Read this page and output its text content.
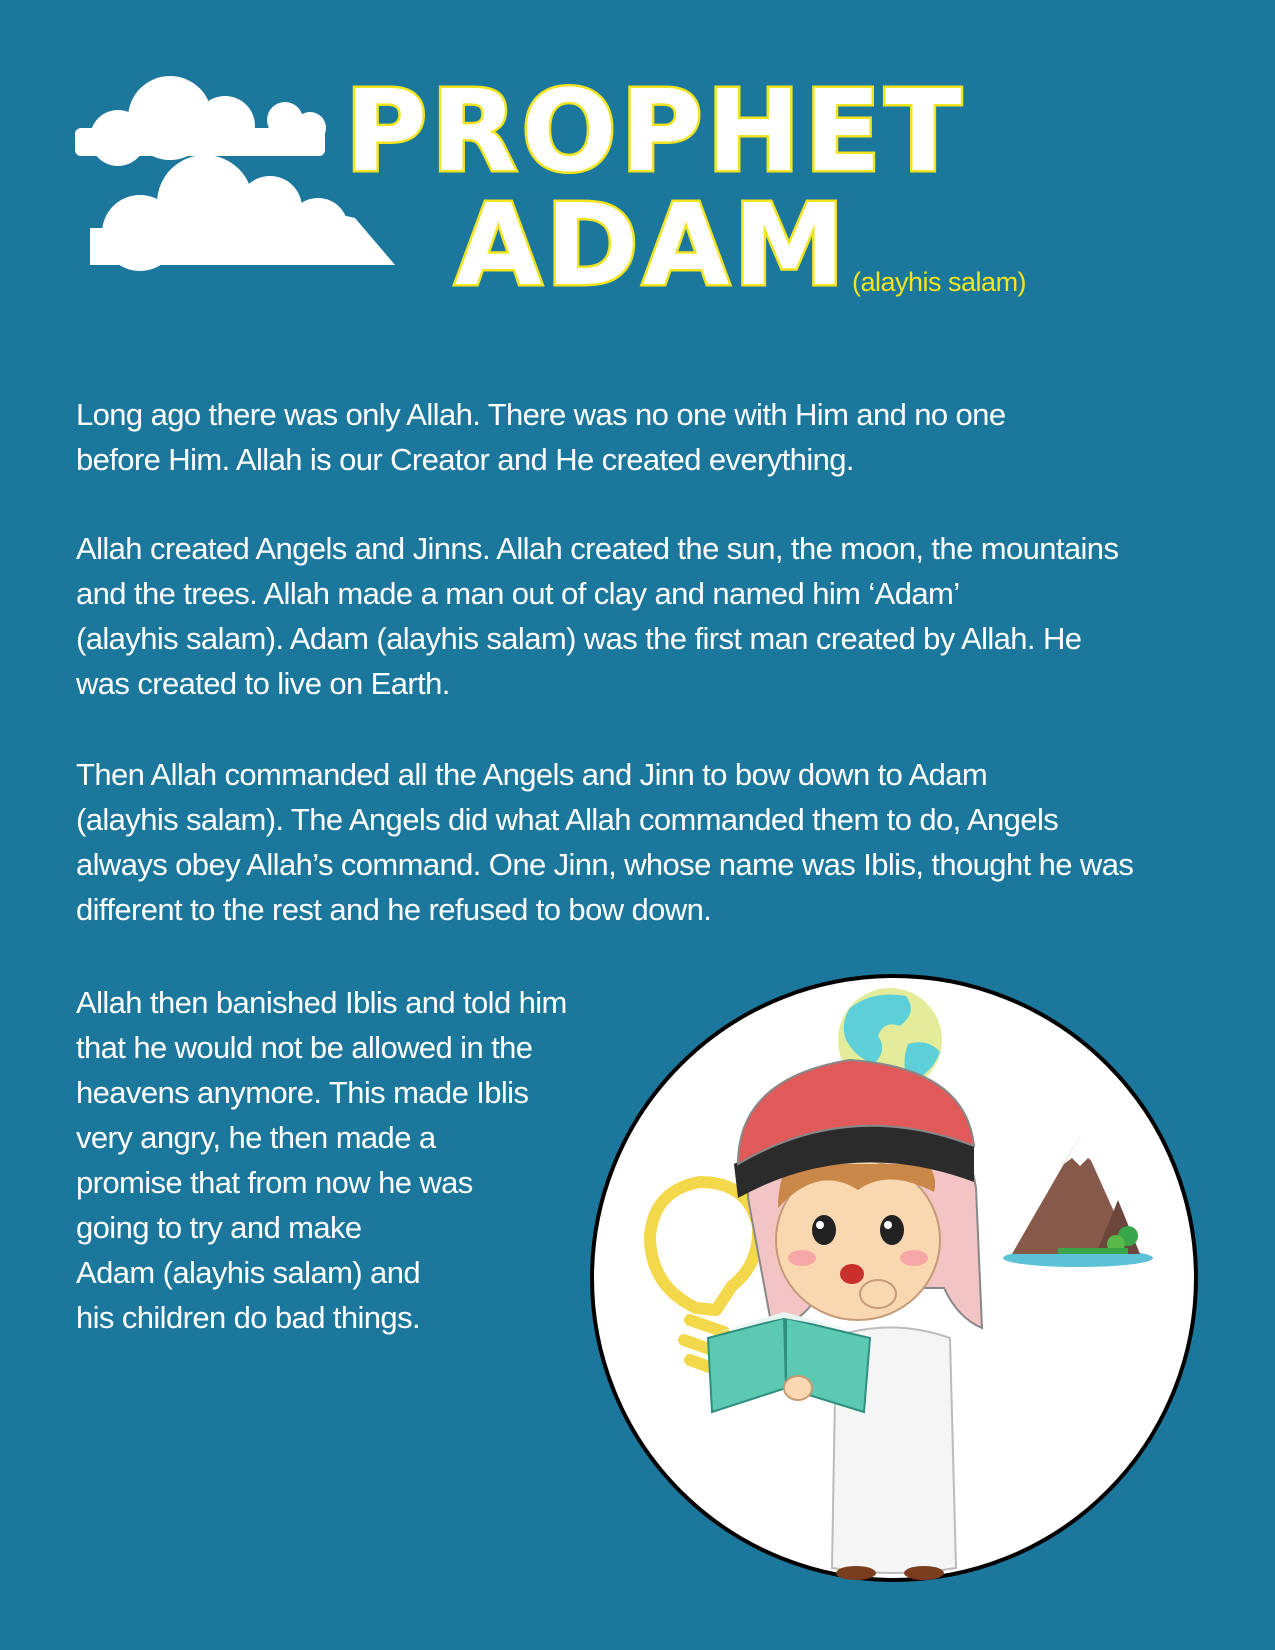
PROPHET
ADAM (alayhis salam)

Long ago there was only Allah. There was no one with Him and no one
before Him. Allah is our Creator and He created everything.

Allah created Angels and Jinns. Allah created the sun, the moon, the mountains
and the trees. Allah made a man out of clay and named him ‘Adam’
(alayhis salam). Adam (alayhis salam) was the first man created by Allah. He
was created to live on Earth.

Then Allah commanded all the Angels and Jinn to bow down to Adam
(alayhis salam). The Angels did what Allah commanded them to do, Angels
always obey Allah’s command. One Jinn, whose name was Iblis, thought he was
different to the rest and he refused to bow down.

Allah then banished Iblis and told him
that he would not be allowed in the
heavens anymore. This made Iblis
very angry, he then made a
promise that from now he was
going to try and make
Adam (alayhis salam) and
his children do bad things.
